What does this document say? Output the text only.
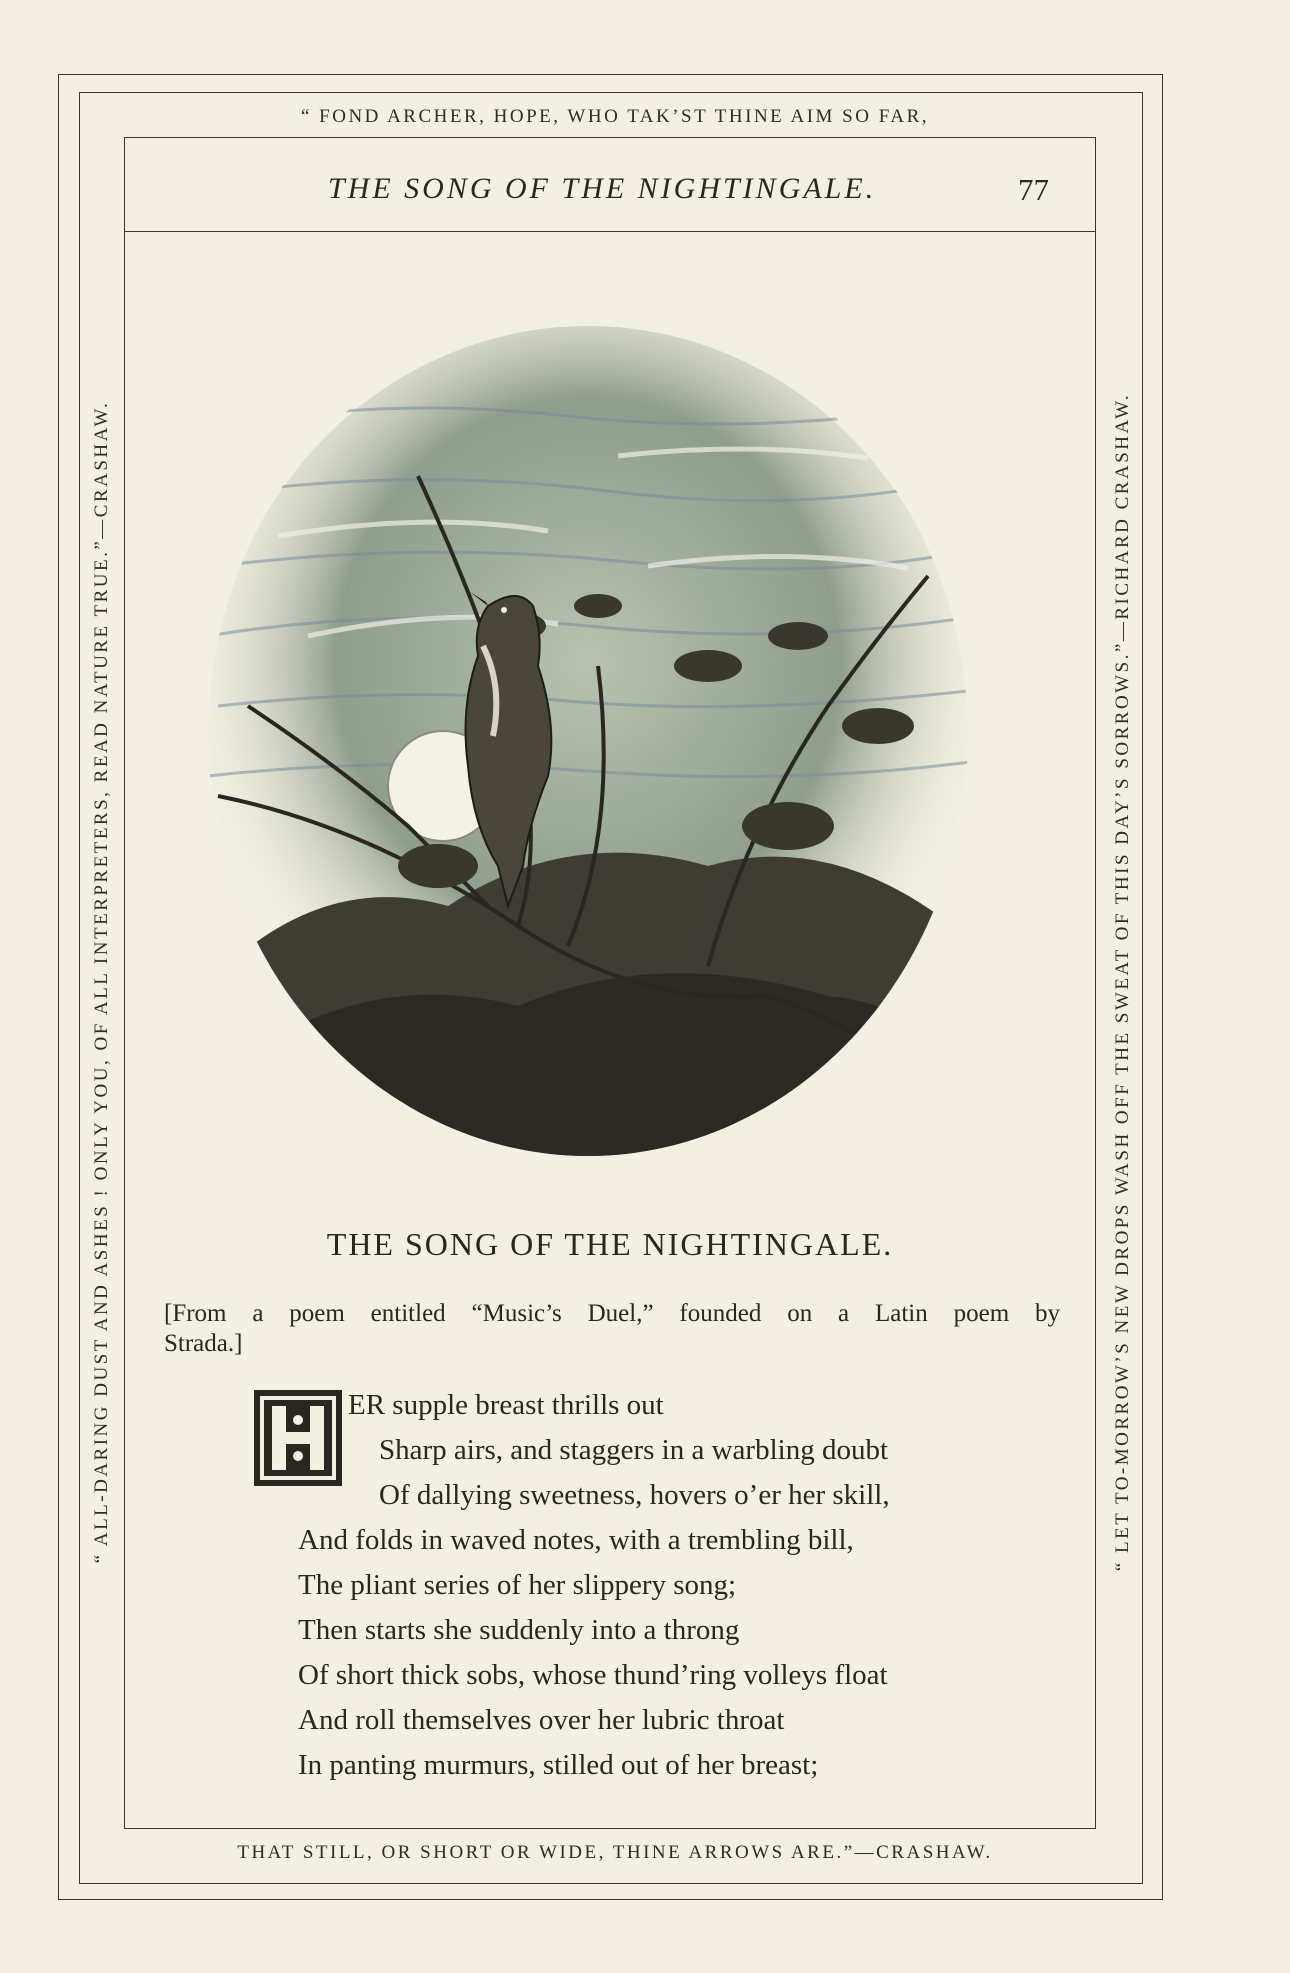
“ FOND ARCHER, HOPE, WHO TAK’ST THINE AIM SO FAR,
THAT STILL, OR SHORT OR WIDE, THINE ARROWS ARE.”—CRASHAW.
“ ALL-DARING DUST AND ASHES ! ONLY YOU, OF ALL INTERPRETERS, READ NATURE TRUE.”—CRASHAW.	“ LET TO-MORROW’S NEW DROPS WASH OFF THE SWEAT OF THIS DAY’S SORROWS.”—RICHARD CRASHAW.
THE SONG OF THE NIGHTINGALE.	77
THE SONG OF THE NIGHTINGALE.
[From a poem entitled “Music’s Duel,” founded on a Latin poem by
Strada.]
ER supple breast thrills out
Sharp airs, and staggers in a warbling doubt
Of dallying sweetness, hovers o’er her skill,
And folds in waved notes, with a trembling bill,
The pliant series of her slippery song;
Then starts she suddenly into a throng
Of short thick sobs, whose thund’ring volleys float
And roll themselves over her lubric throat
In panting murmurs, stilled out of her breast;
